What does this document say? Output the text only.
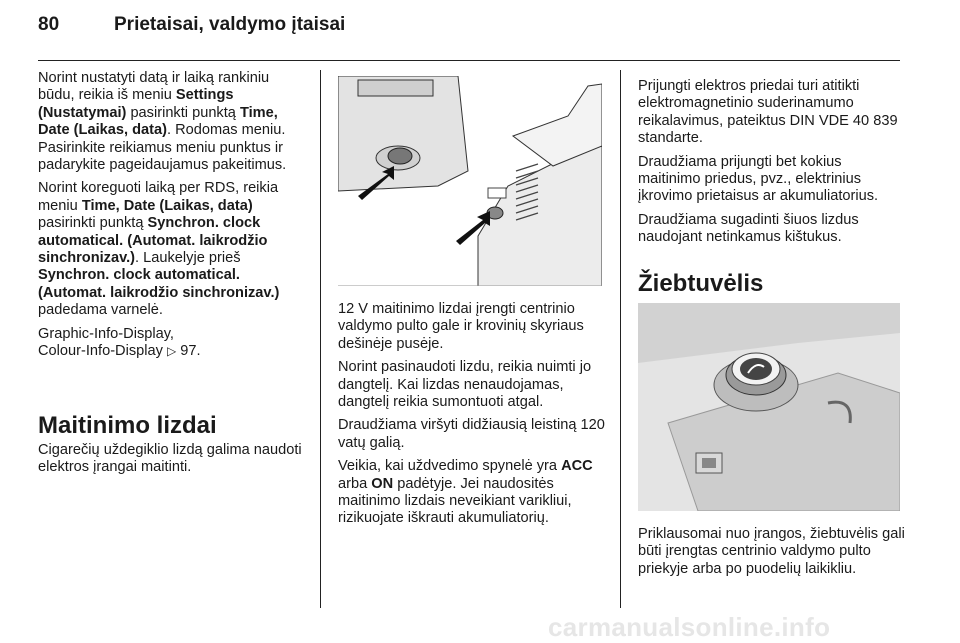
80	Prietaisai, valdymo įtaisai

Norint nustatyti datą ir laiką rankiniu būdu, reikia iš meniu Settings (Nustatymai) pasirinkti punktą Time, Date (Laikas, data). Rodomas meniu. Pasirinkite reikiamus meniu punktus ir padarykite pageidaujamus pakeitimus.

Norint koreguoti laiką per RDS, reikia meniu Time, Date (Laikas, data) pasirinkti punktą Synchron. clock automatical. (Automat. laikrodžio sinchronizav.). Laukelyje prieš Synchron. clock automatical. (Automat. laikrodžio sinchronizav.) padedama varnelė.

Graphic-Info-Display,
Colour-Info-Display ▷ 97.

Maitinimo lizdai

Cigarečių uždegiklio lizdą galima naudoti elektros įrangai maitinti.

12 V maitinimo lizdai įrengti centrinio valdymo pulto gale ir krovinių skyriaus dešinėje pusėje.

Norint pasinaudoti lizdu, reikia nuimti jo dangtelį. Kai lizdas nenaudojamas, dangtelį reikia sumontuoti atgal.

Draudžiama viršyti didžiausią leistiną 120 vatų galią.

Veikia, kai uždvedimo spynelė yra ACC arba ON padėtyje. Jei naudositės maitinimo lizdais neveikiant varikliui, rizikuojate iškrauti akumuliatorių.

Prijungti elektros priedai turi atitikti elektromagnetinio suderinamumo reikalavimus, pateiktus DIN VDE 40 839 standarte.

Draudžiama prijungti bet kokius maitinimo priedus, pvz., elektrinius įkrovimo prietaisus ar akumuliatorius.

Draudžiama sugadinti šiuos lizdus naudojant netinkamus kištukus.

Žiebtuvėlis

Priklausomai nuo įrangos, žiebtuvėlis gali būti įrengtas centrinio valdymo pulto priekyje arba po puodelių laikikliu.

carmanualsonline.info
